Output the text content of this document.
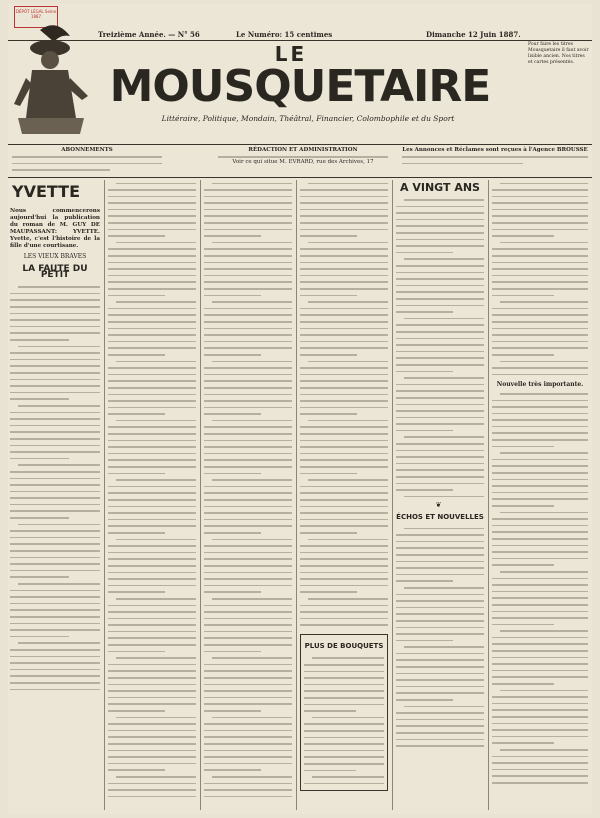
DÉPÔT LÉGAL Seine 1887
Treizième Année. — N° 56	Le Numéro: 15 centimes	Dimanche 12 Juin 1887.
LE
MOUSQUETAIRE
Littéraire, Politique, Mondain, Théâtral, Financier, Colombophile et du Sport
Pour faire les titres Mousquetaire il faut avoir lisible ancien. Nos titres et cartes présentés.
ABONNEMENTS	RÉDACTION ET ADMINISTRATION
Voir ce qui situe M. EVRARD, rue des Archives, 17
Les Annonces et Réclames sont reçues à l'Agence BROUSSE
YVETTE
Nous commencerons aujourd'hui la publication du roman de M. GUY DE MAUPASSANT: YVETTE. Yvette, c'est l'histoire de la fille d'une courtisane.
LES VIEUX BRAVES
LA FAUTE DU PETIT
PLUS DE BOUQUETS
A VINGT ANS
❦
ÉCHOS ET NOUVELLES
Nouvelle très importante.
